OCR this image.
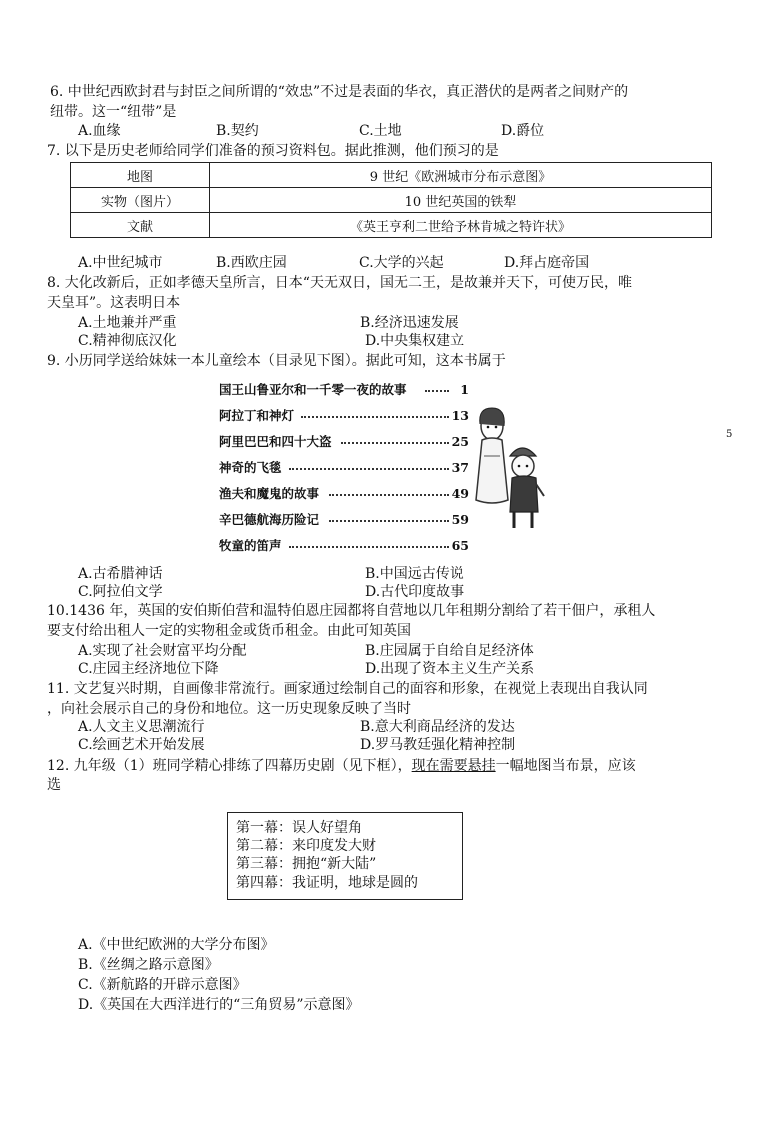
6. 中世纪西欧封君与封臣之间所谓的“效忠”不过是表面的华衣，真正潜伏的是两者之间财产的
纽带。这一“纽带”是
A.血缘	B.契约	C.土地	D.爵位
7. 以下是历史老师给同学们准备的预习资料包。据此推测，他们预习的是
地图	9 世纪《欧洲城市分布示意图》
实物（图片）	10 世纪英国的铁犁
文献	《英王亨利二世给予林肯城之特许状》
A.中世纪城市	B.西欧庄园	C.大学的兴起	D.拜占庭帝国
8. 大化改新后，正如孝德天皇所言，日本“天无双日，国无二王，是故兼并天下，可使万民，唯
天皇耳”。这表明日本
A.土地兼并严重	B.经济迅速发展
C.精神彻底汉化	D.中央集权建立
9. 小历同学送给妹妹一本儿童绘本（目录见下图）。据此可知，这本书属于
国王山鲁亚尔和一千零一夜的故事	1
阿拉丁和神灯	13
阿里巴巴和四十大盗	25
神奇的飞毯	37
渔夫和魔鬼的故事	49
辛巴德航海历险记	59
牧童的笛声	65
5
A.古希腊神话	B.中国远古传说
C.阿拉伯文学	D.古代印度故事
10.1436 年，英国的安伯斯伯营和温特伯恩庄园都将自营地以几年租期分割给了若干佃户，承租人
要支付给出租人一定的实物租金或货币租金。由此可知英国
A.实现了社会财富平均分配	B.庄园属于自给自足经济体
C.庄园主经济地位下降	D.出现了资本主义生产关系
11. 文艺复兴时期，自画像非常流行。画家通过绘制自己的面容和形象，在视觉上表现出自我认同
，向社会展示自己的身份和地位。这一历史现象反映了当时
A.人文主义思潮流行	B.意大利商品经济的发达
C.绘画艺术开始发展	D.罗马教廷强化精神控制
12. 九年级（1）班同学精心排练了四幕历史剧（见下框），现在需要悬挂一幅地图当布景，应该
选
第一幕：误人好望角
第二幕：来印度发大财
第三幕：拥抱“新大陆”
第四幕：我证明，地球是圆的
A.《中世纪欧洲的大学分布图》
B.《丝绸之路示意图》
C.《新航路的开辟示意图》
D.《英国在大西洋进行的“三角贸易”示意图》
